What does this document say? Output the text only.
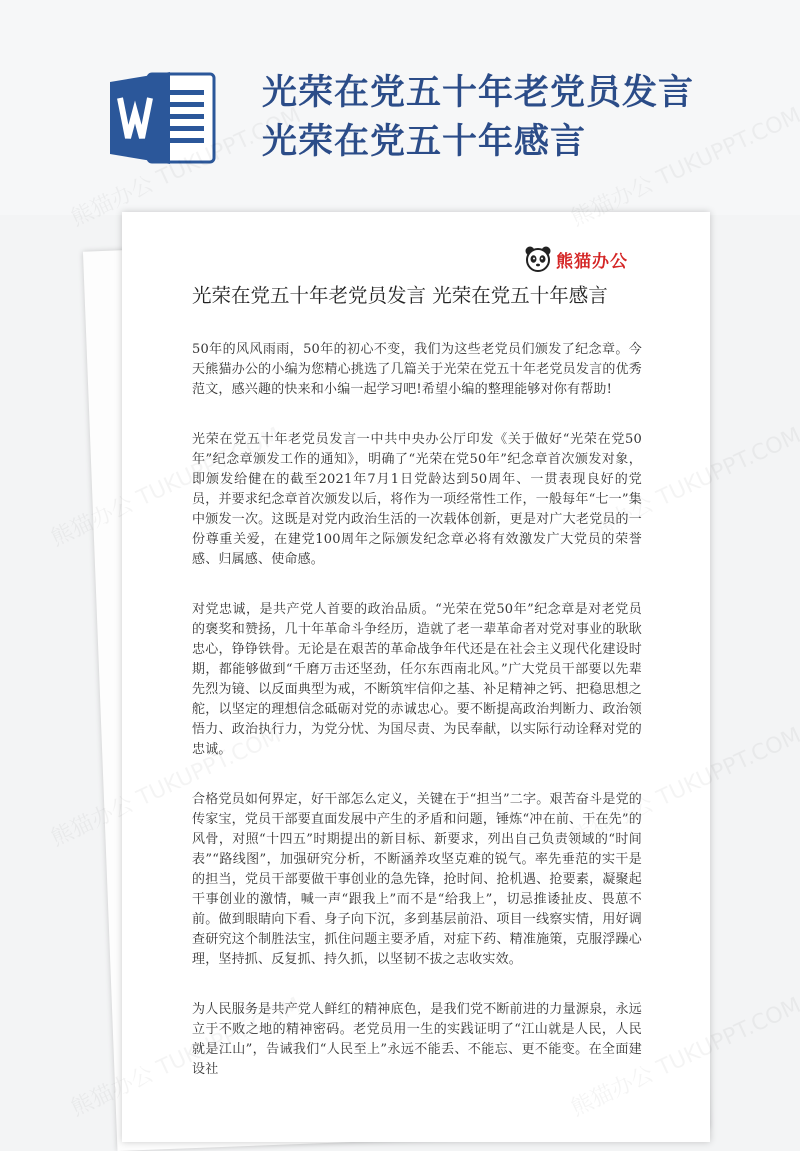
光荣在党五十年老党员发言光荣在党五十年感言
熊猫办公
光荣在党五十年老党员发言 光荣在党五十年感言

50年的风风雨雨，50年的初心不变，我们为这些老党员们颁发了纪念章。今天熊猫办公的小编为您精心挑选了几篇关于光荣在党五十年老党员发言的优秀范文，感兴趣的快来和小编一起学习吧!希望小编的整理能够对你有帮助!

光荣在党五十年老党员发言一中共中央办公厅印发《关于做好“光荣在党50年”纪念章颁发工作的通知》，明确了“光荣在党50年”纪念章首次颁发对象，即颁发给健在的截至2021年7月1日党龄达到50周年、一贯表现良好的党员，并要求纪念章首次颁发以后，将作为一项经常性工作，一般每年“七一”集中颁发一次。这既是对党内政治生活的一次载体创新，更是对广大老党员的一份尊重关爱，在建党100周年之际颁发纪念章必将有效激发广大党员的荣誉感、归属感、使命感。

对党忠诚，是共产党人首要的政治品质。“光荣在党50年”纪念章是对老党员的褒奖和赞扬，几十年革命斗争经历，造就了老一辈革命者对党对事业的耿耿忠心，铮铮铁骨。无论是在艰苦的革命战争年代还是在社会主义现代化建设时期，都能够做到“千磨万击还坚劲，任尔东西南北风。”广大党员干部要以先辈先烈为镜、以反面典型为戒，不断筑牢信仰之基、补足精神之钙、把稳思想之舵，以坚定的理想信念砥砺对党的赤诚忠心。要不断提高政治判断力、政治领悟力、政治执行力，为党分忧、为国尽责、为民奉献，以实际行动诠释对党的忠诚。

合格党员如何界定，好干部怎么定义，关键在于“担当”二字。艰苦奋斗是党的传家宝，党员干部要直面发展中产生的矛盾和问题，锤炼“冲在前、干在先”的风骨，对照“十四五”时期提出的新目标、新要求，列出自己负责领域的“时间表”“路线图”，加强研究分析，不断涵养攻坚克难的锐气。率先垂范的实干是的担当，党员干部要做干事创业的急先锋，抢时间、抢机遇、抢要素，凝聚起干事创业的激情，喊一声“跟我上”而不是“给我上”，切忌推诿扯皮、畏葸不前。做到眼睛向下看、身子向下沉，多到基层前沿、项目一线察实情，用好调查研究这个制胜法宝，抓住问题主要矛盾，对症下药、精准施策，克服浮躁心理，坚持抓、反复抓、持久抓，以坚韧不拔之志收实效。

为人民服务是共产党人鲜红的精神底色，是我们党不断前进的力量源泉，永远立于不败之地的精神密码。老党员用一生的实践证明了“江山就是人民，人民就是江山”，告诫我们“人民至上”永远不能丢、不能忘、更不能变。在全面建设社
